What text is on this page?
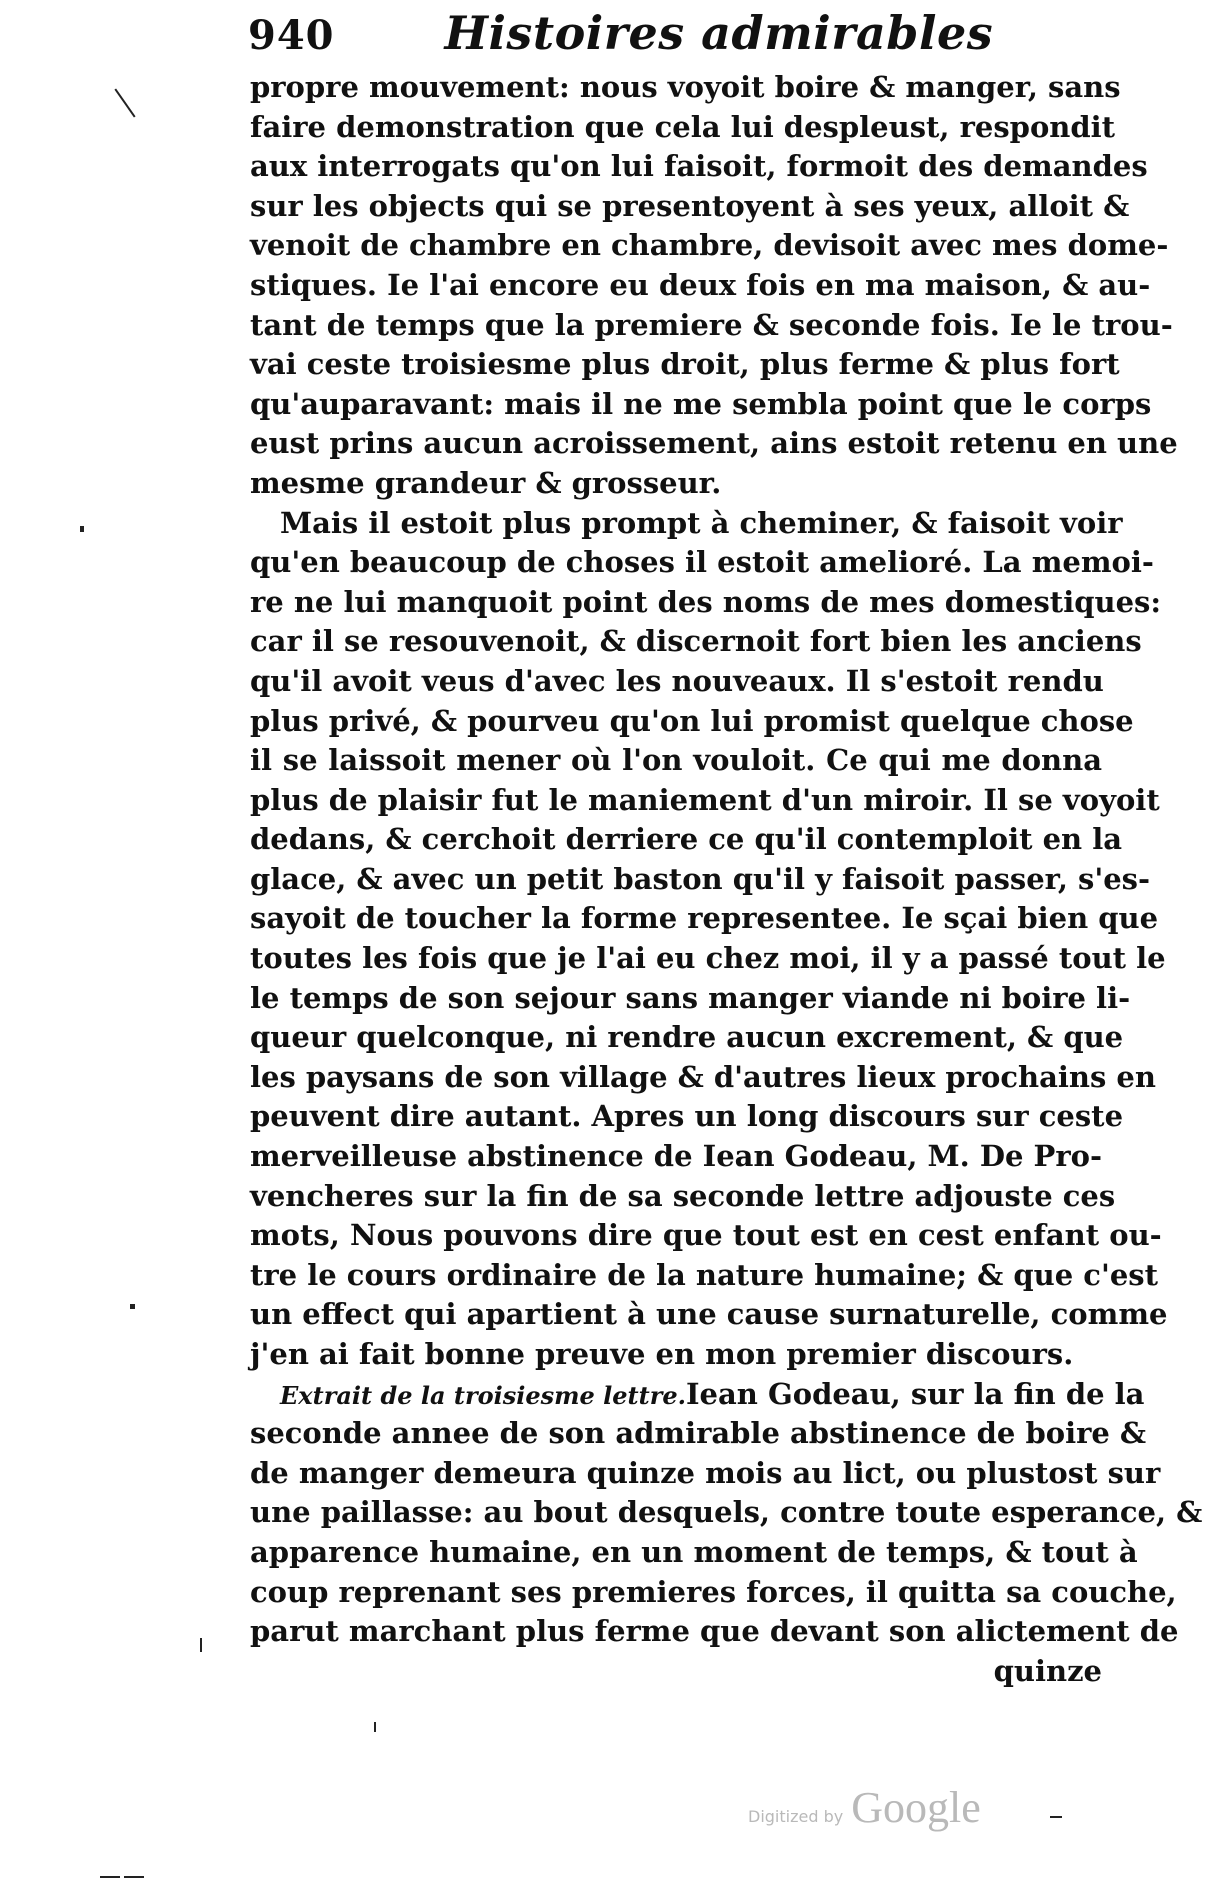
940 Histoires admirables
propre mouvement: nous voyoit boire & manger, sans
faire demonstration que cela lui despleust, respondit
aux interrogats qu'on lui faisoit, formoit des demandes
sur les objects qui se presentoyent à ses yeux, alloit &
venoit de chambre en chambre, devisoit avec mes dome-
stiques. Ie l'ai encore eu deux fois en ma maison, & au-
tant de temps que la premiere & seconde fois. Ie le trou-
vai ceste troisiesme plus droit, plus ferme & plus fort
qu'auparavant: mais il ne me sembla point que le corps
eust prins aucun acroissement, ains estoit retenu en une
mesme grandeur & grosseur.
Mais il estoit plus prompt à cheminer, & faisoit voir
qu'en beaucoup de choses il estoit amelioré. La memoi-
re ne lui manquoit point des noms de mes domestiques:
car il se resouvenoit, & discernoit fort bien les anciens
qu'il avoit veus d'avec les nouveaux. Il s'estoit rendu
plus privé, & pourveu qu'on lui promist quelque chose
il se laissoit mener où l'on vouloit. Ce qui me donna
plus de plaisir fut le maniement d'un miroir. Il se voyoit
dedans, & cerchoit derriere ce qu'il contemploit en la
glace, & avec un petit baston qu'il y faisoit passer, s'es-
sayoit de toucher la forme representee. Ie sçai bien que
toutes les fois que je l'ai eu chez moi, il y a passé tout le
le temps de son sejour sans manger viande ni boire li-
queur quelconque, ni rendre aucun excrement, & que
les paysans de son village & d'autres lieux prochains en
peuvent dire autant. Apres un long discours sur ceste
merveilleuse abstinence de Iean Godeau, M. De Pro-
vencheres sur la fin de sa seconde lettre adjouste ces
mots, Nous pouvons dire que tout est en cest enfant ou-
tre le cours ordinaire de la nature humaine; & que c'est
un effect qui apartient à une cause surnaturelle, comme
j'en ai fait bonne preuve en mon premier discours.
Extrait de la troisiesme lettre.Iean Godeau, sur la fin de la
seconde annee de son admirable abstinence de boire &
de manger demeura quinze mois au lict, ou plustost sur
une paillasse: au bout desquels, contre toute esperance, &
apparence humaine, en un moment de temps, & tout à
coup reprenant ses premieres forces, il quitta sa couche,
parut marchant plus ferme que devant son alictement de
quinze
Digitized by Google
